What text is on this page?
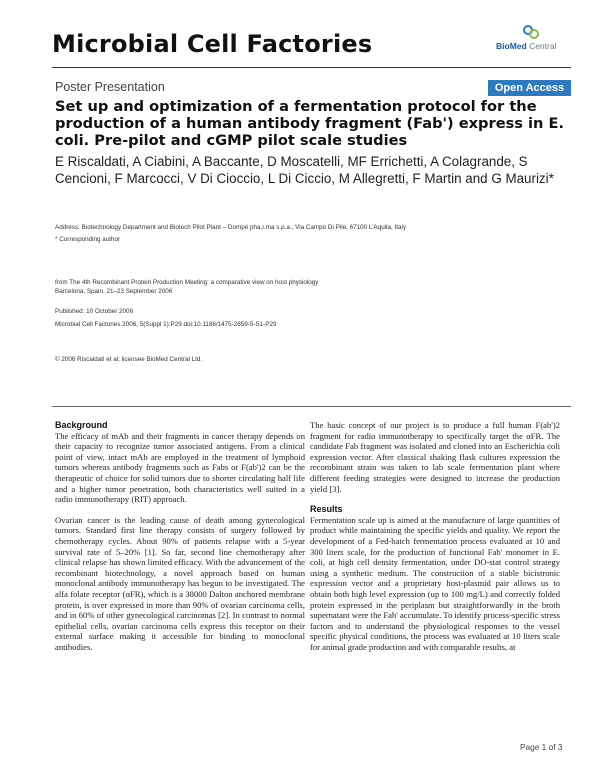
Microbial Cell Factories	BioMed Central
Poster Presentation	Open Access
Set up and optimization of a fermentation protocol for the production of a human antibody fragment (Fab') express in E. coli. Pre-pilot and cGMP pilot scale studies
E Riscaldati, A Ciabini, A Baccante, D Moscatelli, MF Errichetti, A Colagrande, S Cencioni, F Marcocci, V Di Cioccio, L Di Ciccio, M Allegretti, F Martin and G Maurizi*
Address: Biotechnology Department and Biotech Pilot Plant – Dompé pha.r.ma s.p.a., Via Campo Di Pile, 67100 L'Aquila, Italy
* Corresponding author
from The 4th Recombinant Protein Production Meeting: a comparative view on host physiology
Barcelona, Spain. 21–23 September 2006
Published: 10 October 2006
Microbial Cell Factories 2006, 5(Suppl 1):P29 doi:10.1186/1475-2859-5-S1-P29
© 2006 Riscaldati et al; licensee BioMed Central Ltd.
Background
The efficacy of mAb and their fragments in cancer therapy depends on their capacity to recognize tumor associated antigens. From a clinical point of view, intact mAb are employed in the treatment of lymphoid tumors whereas antibody fragments such as Fabs or F(ab')2 can be the therapeutic of choice for solid tumors due to shorter circulating half life and a higher tumor penetration, both characteristics well suited in a radio immunotherapy (RIT) approach.
Ovarian cancer is the leading cause of death among gynecological tumors. Standard first line therapy consists of surgery followed by chemotherapy cycles. About 90% of patients relapse with a 5-year survival rate of 5–20% [1]. So far, second line chemotherapy after clinical relapse has shown limited efficacy. With the advancement of the recombinant biotechnology, a novel approach based on human monoclonal antibody immunotherapy has begun to be investigated. The alfa folate receptor (αFR), which is a 38000 Dalton anchored membrane protein, is over expressed in more than 90% of ovarian carcinoma cells, and in 60% of other gynecological carcinomas [2]. In contrast to normal epithelial cells, ovarian carcinoma cells express this receptor on their external surface making it accessible for binding to monoclonal antibodies.
The basic concept of our project is to produce a full human F(ab')2 fragment for radio immunotherapy to specifically target the αFR. The candidate Fab fragment was isolated and cloned into an Escherichia coli expression vector. After classical shaking flask cultures expression the recombinant strain was taken to lab scale fermentation plant where different feeding strategies were designed to increase the production yield [3].
Results
Fermentation scale up is aimed at the manufacture of large quantities of product while maintaining the specific yields and quality. We report the development of a Fed-batch fermentation process evaluated at 10 and 300 liters scale, for the production of functional Fab' monomer in E. coli, at high cell density fermentation, under DO-stat control strategy using a synthetic medium. The construction of a stable bicistronic expression vector and a proprietary host-plasmid pair allows us to obtain both high level expression (up to 100 mg/L) and correctly folded protein expressed in the periplasm but straightforwardly in the broth supernatant were the Fab' accumulate. To identify process-specific stress factors and to understand the physiological responses to the vessel specific physical conditions, the process was evaluated at 10 liters scale for animal grade production and with comparable results, at
Page 1 of 3
